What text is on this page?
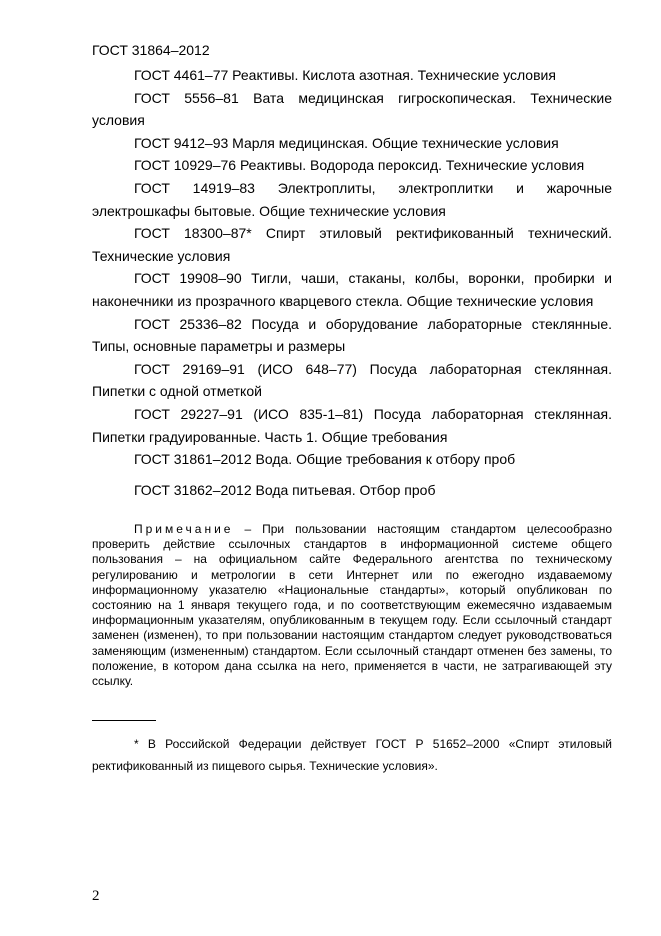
ГОСТ 31864–2012

ГОСТ 4461–77 Реактивы. Кислота азотная. Технические условия

ГОСТ 5556–81 Вата медицинская гигроскопическая. Технические условия

ГОСТ 9412–93 Марля медицинская. Общие технические условия

ГОСТ 10929–76 Реактивы. Водорода пероксид. Технические условия

ГОСТ 14919–83 Электроплиты, электроплитки и жарочные электрошкафы бытовые. Общие технические условия

ГОСТ 18300–87* Спирт этиловый ректификованный технический. Технические условия

ГОСТ 19908–90 Тигли, чаши, стаканы, колбы, воронки, пробирки и наконечники из прозрачного кварцевого стекла. Общие технические условия

ГОСТ 25336–82 Посуда и оборудование лабораторные стеклянные. Типы, основные параметры и размеры

ГОСТ 29169–91 (ИСО 648–77) Посуда лабораторная стеклянная. Пипетки с одной отметкой

ГОСТ 29227–91 (ИСО 835-1–81) Посуда лабораторная стеклянная. Пипетки градуированные. Часть 1. Общие требования

ГОСТ 31861–2012 Вода. Общие требования к отбору проб

ГОСТ 31862–2012 Вода питьевая. Отбор проб

Примечание – При пользовании настоящим стандартом целесообразно проверить действие ссылочных стандартов в информационной системе общего пользования – на официальном сайте Федерального агентства по техническому регулированию и метрологии в сети Интернет или по ежегодно издаваемому информационному указателю «Национальные стандарты», который опубликован по состоянию на 1 января текущего года, и по соответствующим ежемесячно издаваемым информационным указателям, опубликованным в текущем году. Если ссылочный стандарт заменен (изменен), то при пользовании настоящим стандартом следует руководствоваться заменяющим (измененным) стандартом. Если ссылочный стандарт отменен без замены, то положение, в котором дана ссылка на него, применяется в части, не затрагивающей эту ссылку.

* В Российской Федерации действует ГОСТ Р 51652–2000 «Спирт этиловый ректификованный из пищевого сырья. Технические условия».

2
